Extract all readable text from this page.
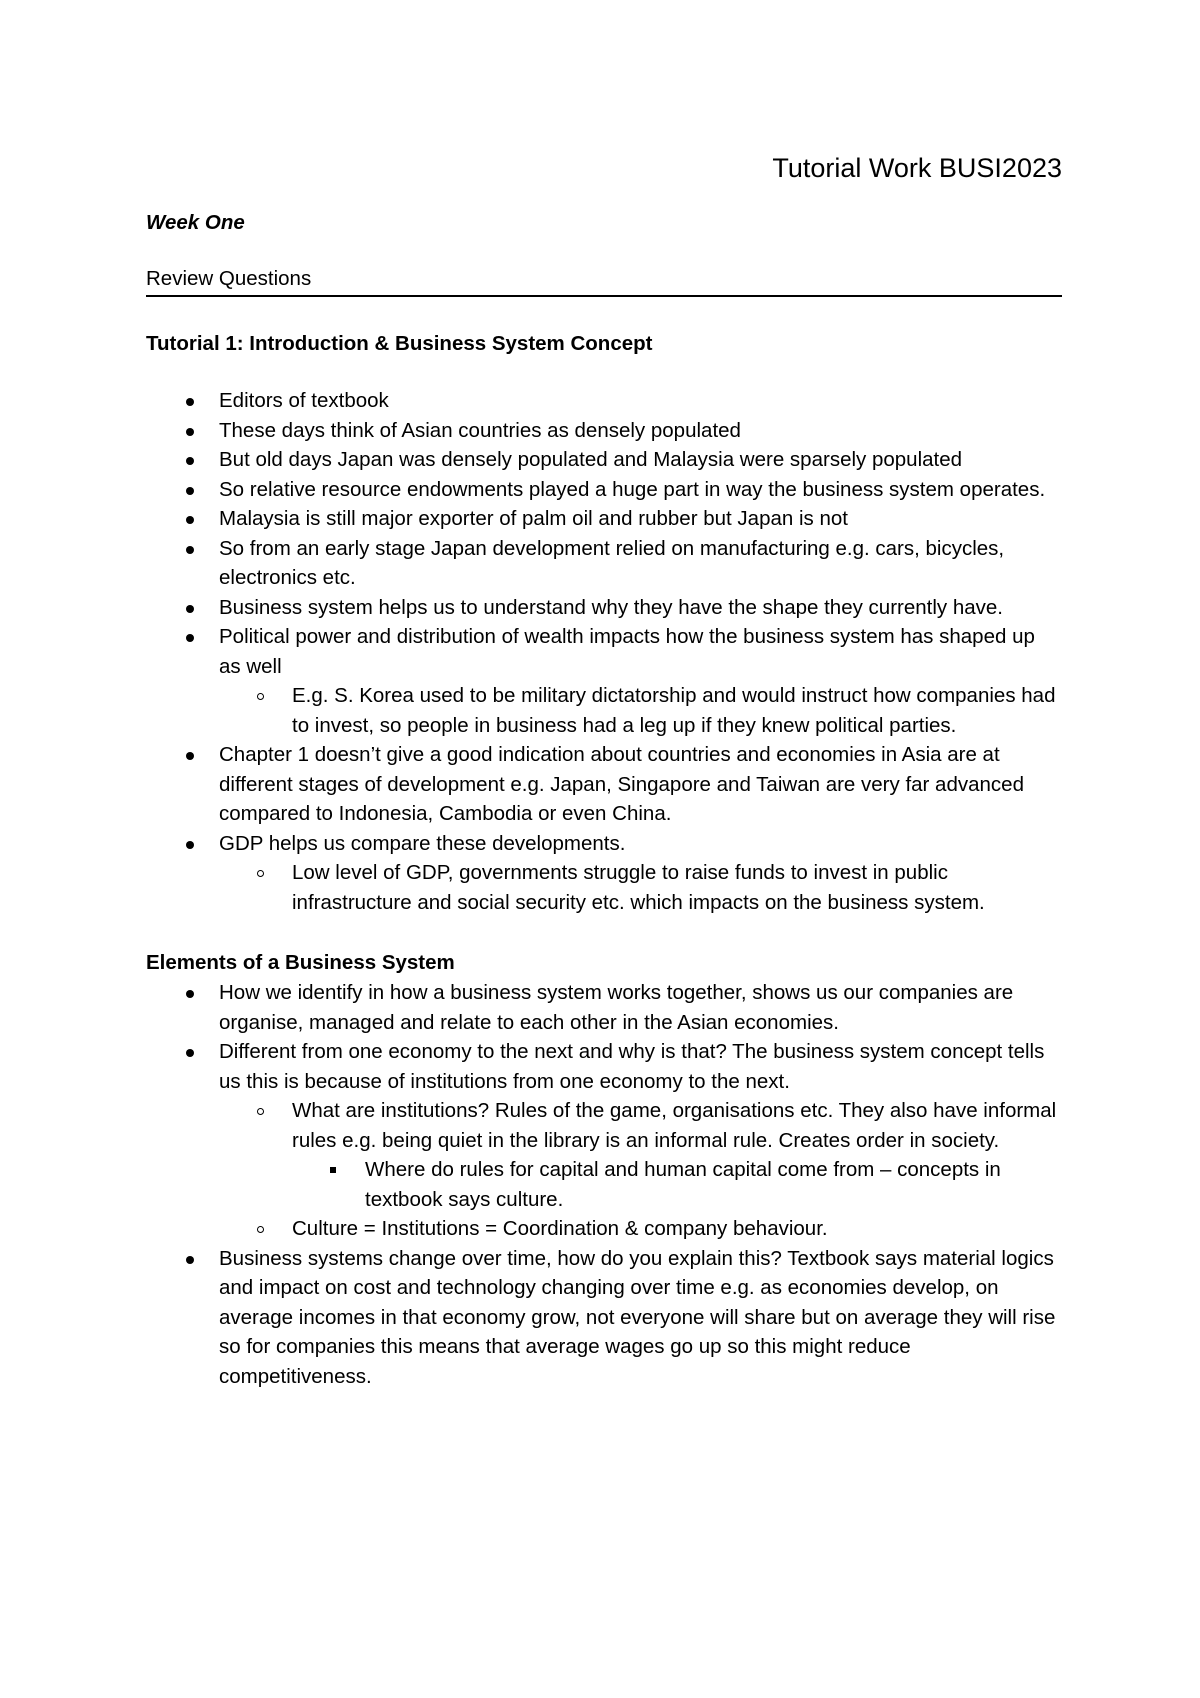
Tutorial Work BUSI2023

Week One

Review Questions

Tutorial 1: Introduction & Business System Concept

Editors of textbook
These days think of Asian countries as densely populated
But old days Japan was densely populated and Malaysia were sparsely populated
So relative resource endowments played a huge part in way the business system operates.
Malaysia is still major exporter of palm oil and rubber but Japan is not
So from an early stage Japan development relied on manufacturing e.g. cars, bicycles, electronics etc.
Business system helps us to understand why they have the shape they currently have.
Political power and distribution of wealth impacts how the business system has shaped up as well
E.g. S. Korea used to be military dictatorship and would instruct how companies had to invest, so people in business had a leg up if they knew political parties.
Chapter 1 doesn’t give a good indication about countries and economies in Asia are at different stages of development e.g. Japan, Singapore and Taiwan are very far advanced compared to Indonesia, Cambodia or even China.
GDP helps us compare these developments.
Low level of GDP, governments struggle to raise funds to invest in public infrastructure and social security etc. which impacts on the business system.

Elements of a Business System

How we identify in how a business system works together, shows us our companies are organise, managed and relate to each other in the Asian economies.
Different from one economy to the next and why is that? The business system concept tells us this is because of institutions from one economy to the next.
What are institutions? Rules of the game, organisations etc. They also have informal rules e.g. being quiet in the library is an informal rule. Creates order in society.
Where do rules for capital and human capital come from – concepts in textbook says culture.
Culture = Institutions = Coordination & company behaviour.
Business systems change over time, how do you explain this? Textbook says material logics and impact on cost and technology changing over time e.g. as economies develop, on average incomes in that economy grow, not everyone will share but on average they will rise so for companies this means that average wages go up so this might reduce competitiveness.
